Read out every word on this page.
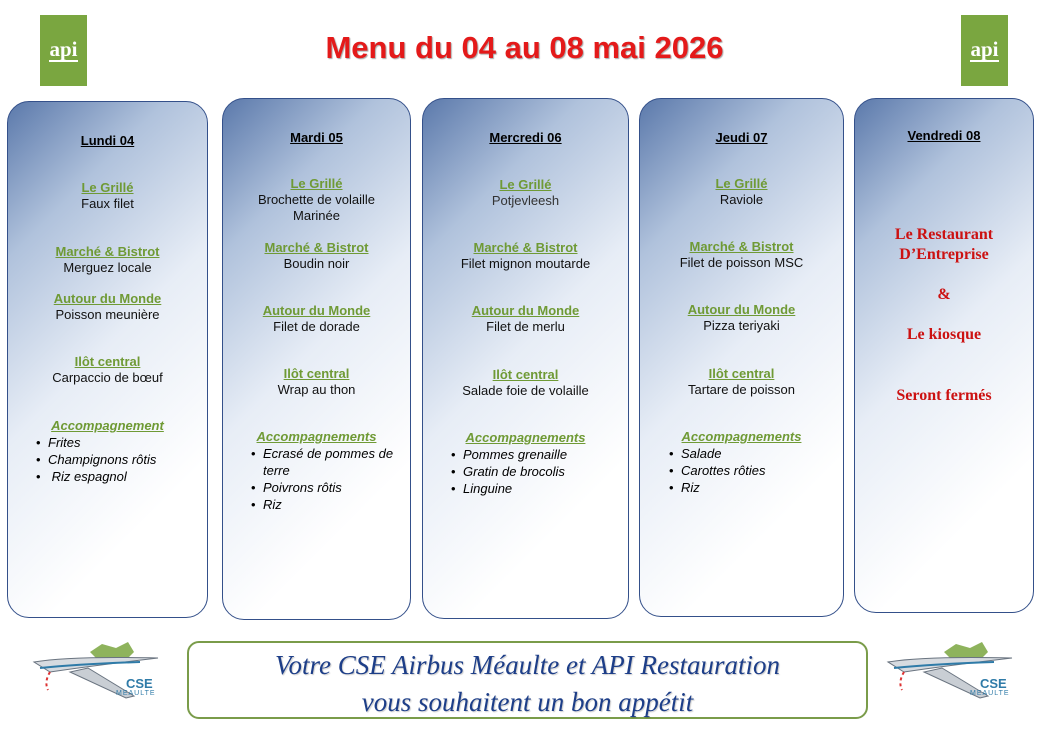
api	api
Menu du 04 au 08 mai 2026
Lundi 04
Le Grillé
Faux filet
Marché & Bistrot
Merguez locale
Autour du Monde
Poisson meunière
Ilôt central
Carpaccio de bœuf
Accompagnement
• Frites
• Champignons rôtis
•  Riz espagnol
Mardi 05
Le Grillé
Brochette de volaille
Marinée
Marché & Bistrot
Boudin noir
Autour du Monde
Filet de dorade
Ilôt central
Wrap au thon
Accompagnements
• Ecrasé de pommes de terre
• Poivrons rôtis
• Riz
Mercredi 06
Le Grillé
Potjevleesh
Marché & Bistrot
Filet mignon moutarde
Autour du Monde
Filet de merlu
Ilôt central
Salade foie de volaille
Accompagnements
• Pommes grenaille
• Gratin de brocolis
• Linguine
Jeudi 07
Le Grillé
Raviole
Marché & Bistrot
Filet de poisson MSC
Autour du Monde
Pizza teriyaki
Ilôt central
Tartare de poisson
Accompagnements
• Salade
• Carottes rôties
• Riz
Vendredi 08
Le Restaurant
D’Entreprise
&
Le kiosque
Seront fermés
CSE
MEAULTE
CSE
MEAULTE
Votre CSE Airbus Méaulte et API Restauration
vous souhaitent un bon appétit
